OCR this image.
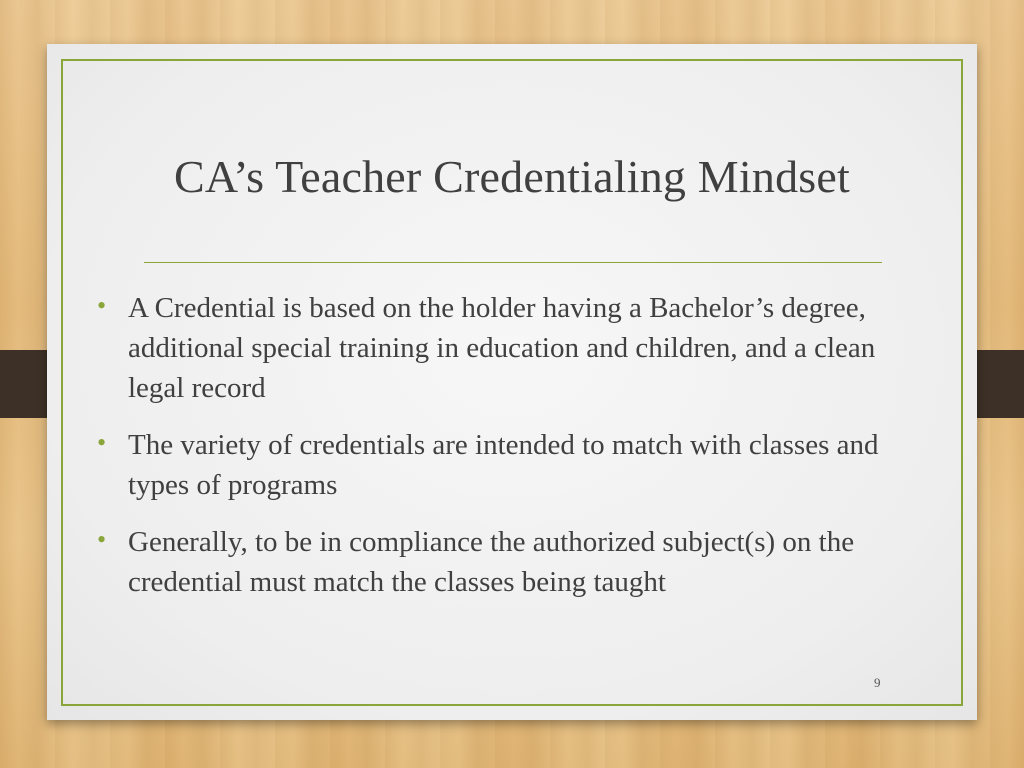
CA’s Teacher Credentialing Mindset
• A Credential is based on the holder having a Bachelor’s degree, additional special training in education and children, and a clean legal record
• The variety of credentials are intended to match with classes and types of programs
• Generally, to be in compliance the authorized subject(s) on the credential must match the classes being taught
9
